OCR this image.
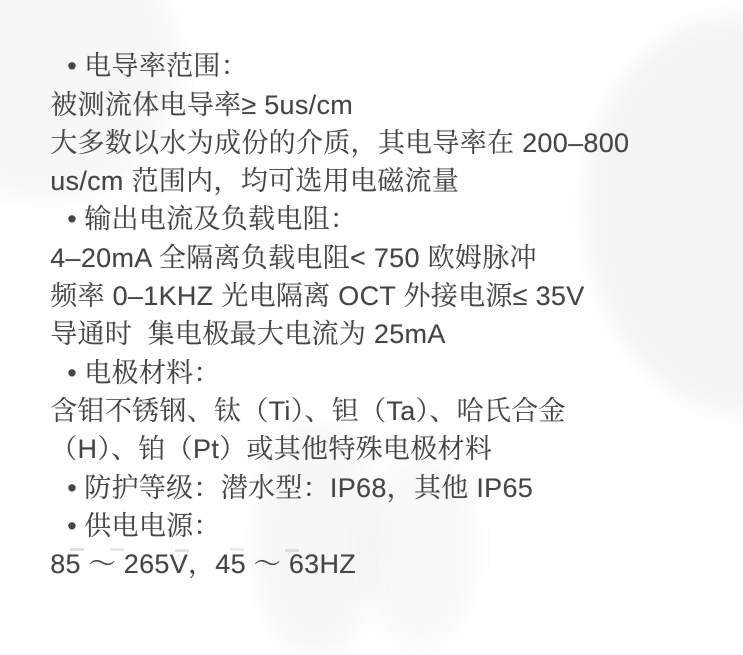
• 电导率范围：

被测流体电导率≥ 5us/cm

大多数以水为成份的介质，其电导率在 200–800

us/cm 范围内，均可选用电磁流量

• 输出电流及负载电阻：

4–20mA 全隔离负载电阻< 750 欧姆脉冲

频率 0–1KHZ 光电隔离 OCT 外接电源≤ 35V

导通时  集电极最大电流为 25mA

• 电极材料：

含钼不锈钢、钛（Ti）、钽（Ta）、哈氏合金

（H）、铂（Pt）或其他特殊电极材料

• 防护等级：潜水型：IP68，其他 IP65

• 供电电源：

85 ～ 265V，45 ～ 63HZ
